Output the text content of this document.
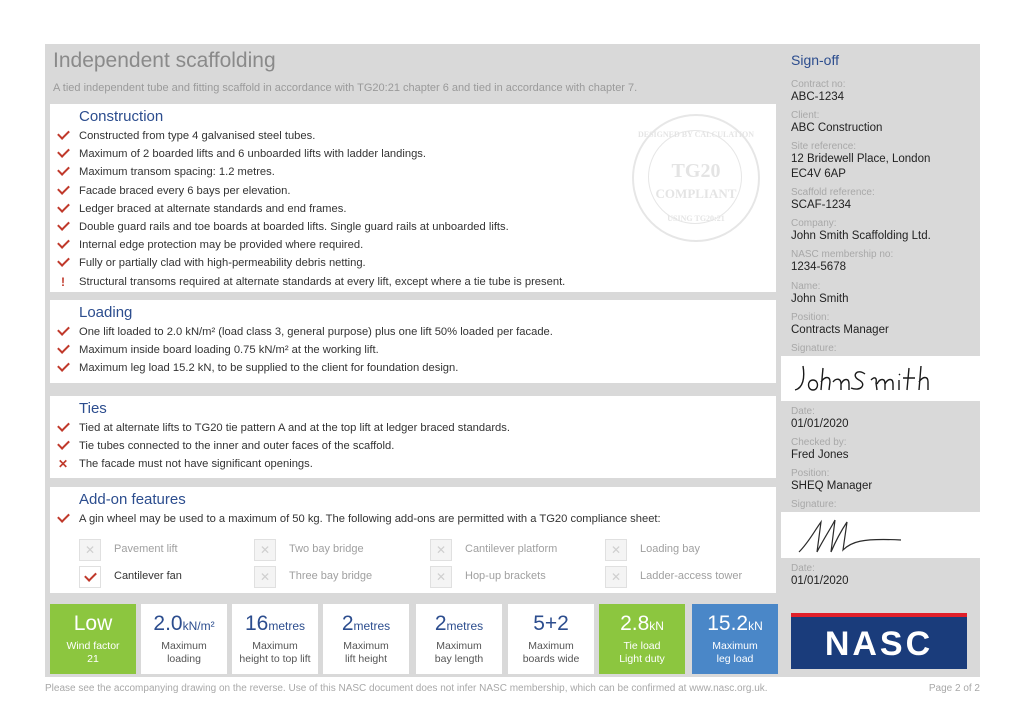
Independent scaffolding
A tied independent tube and fitting scaffold in accordance with TG20:21 chapter 6 and tied in accordance with chapter 7.
Construction
Constructed from type 4 galvanised steel tubes.
Maximum of 2 boarded lifts and 6 unboarded lifts with ladder landings.
Maximum transom spacing: 1.2 metres.
Facade braced every 6 bays per elevation.
Ledger braced at alternate standards and end frames.
Double guard rails and toe boards at boarded lifts. Single guard rails at unboarded lifts.
Internal edge protection may be provided where required.
Fully or partially clad with high-permeability debris netting.
!	Structural transoms required at alternate standards at every lift, except where a tie tube is present.
DESIGNED BY CALCULATION
TG20
COMPLIANT
USING TG20:21
Loading
One lift loaded to 2.0 kN/m² (load class 3, general purpose) plus one lift 50% loaded per facade.
Maximum inside board loading 0.75 kN/m² at the working lift.
Maximum leg load 15.2 kN, to be supplied to the client for foundation design.
Ties
Tied at alternate lifts to TG20 tie pattern A and at the top lift at ledger braced standards.
Tie tubes connected to the inner and outer faces of the scaffold.
✕ The facade must not have significant openings.
Add-on features
A gin wheel may be used to a maximum of 50 kg. The following add-ons are permitted with a TG20 compliance sheet:
✕	Pavement lift	✕	Two bay bridge	✕	Cantilever platform	✕	Loading bay
Cantilever fan	✕	Three bay bridge	✕	Hop-up brackets	✕	Ladder-access tower
Low
Wind factor
21
2.0kN/m²
Maximum
loading
16metres
Maximum
height to top lift
2metres
Maximum
lift height
2metres
Maximum
bay length
5+2
Maximum
boards wide
2.8kN
Tie load
Light duty
15.2kN
Maximum
leg load
Sign-off
Contract no:
ABC-1234
Client:
ABC Construction
Site reference:
12 Bridewell Place, London
EC4V 6AP
Scaffold reference:
SCAF-1234
Company:
John Smith Scaffolding Ltd.
NASC membership no:
1234-5678
Name:
John Smith
Position:
Contracts Manager
Signature:
Date:
01/01/2020
Checked by:
Fred Jones
Position:
SHEQ Manager
Signature:
Date:
01/01/2020
NASC
Please see the accompanying drawing on the reverse. Use of this NASC document does not infer NASC membership, which can be confirmed at www.nasc.org.uk.	Page 2 of 2
